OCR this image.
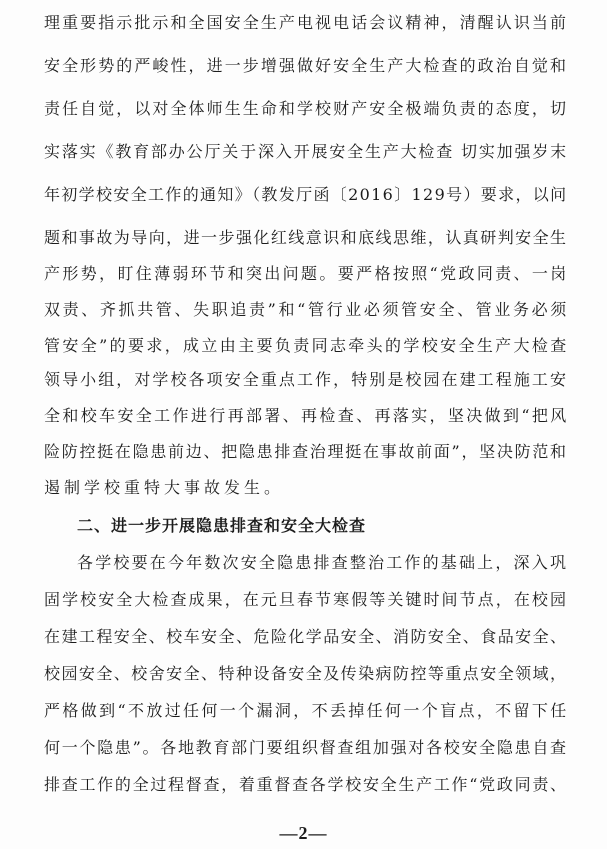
理重要指示批示和全国安全生产电视电话会议精神，清醒认识当前
安全形势的严峻性，进一步增强做好安全生产大检查的政治自觉和
责任自觉，以对全体师生生命和学校财产安全极端负责的态度，切
实落实《教育部办公厅关于深入开展安全生产大检查 切实加强岁末
年初学校安全工作的通知》（教发厅函〔2016〕129号）要求，以问
题和事故为导向，进一步强化红线意识和底线思维，认真研判安全生
产形势，盯住薄弱环节和突出问题。要严格按照“党政同责、一岗
双责、齐抓共管、失职追责”和“管行业必须管安全、管业务必须
管安全”的要求，成立由主要负责同志牵头的学校安全生产大检查
领导小组，对学校各项安全重点工作，特别是校园在建工程施工安
全和校车安全工作进行再部署、再检查、再落实，坚决做到“把风
险防控挺在隐患前边、把隐患排查治理挺在事故前面”，坚决防范和
遏制学校重特大事故发生。
二、进一步开展隐患排查和安全大检查
各学校要在今年数次安全隐患排查整治工作的基础上，深入巩
固学校安全大检查成果，在元旦春节寒假等关键时间节点，在校园
在建工程安全、校车安全、危险化学品安全、消防安全、食品安全、
校园安全、校舍安全、特种设备安全及传染病防控等重点安全领域，
严格做到“不放过任何一个漏洞，不丢掉任何一个盲点，不留下任
何一个隐患”。各地教育部门要组织督查组加强对各校安全隐患自查
排查工作的全过程督查，着重督查各学校安全生产工作“党政同责、
—2—
